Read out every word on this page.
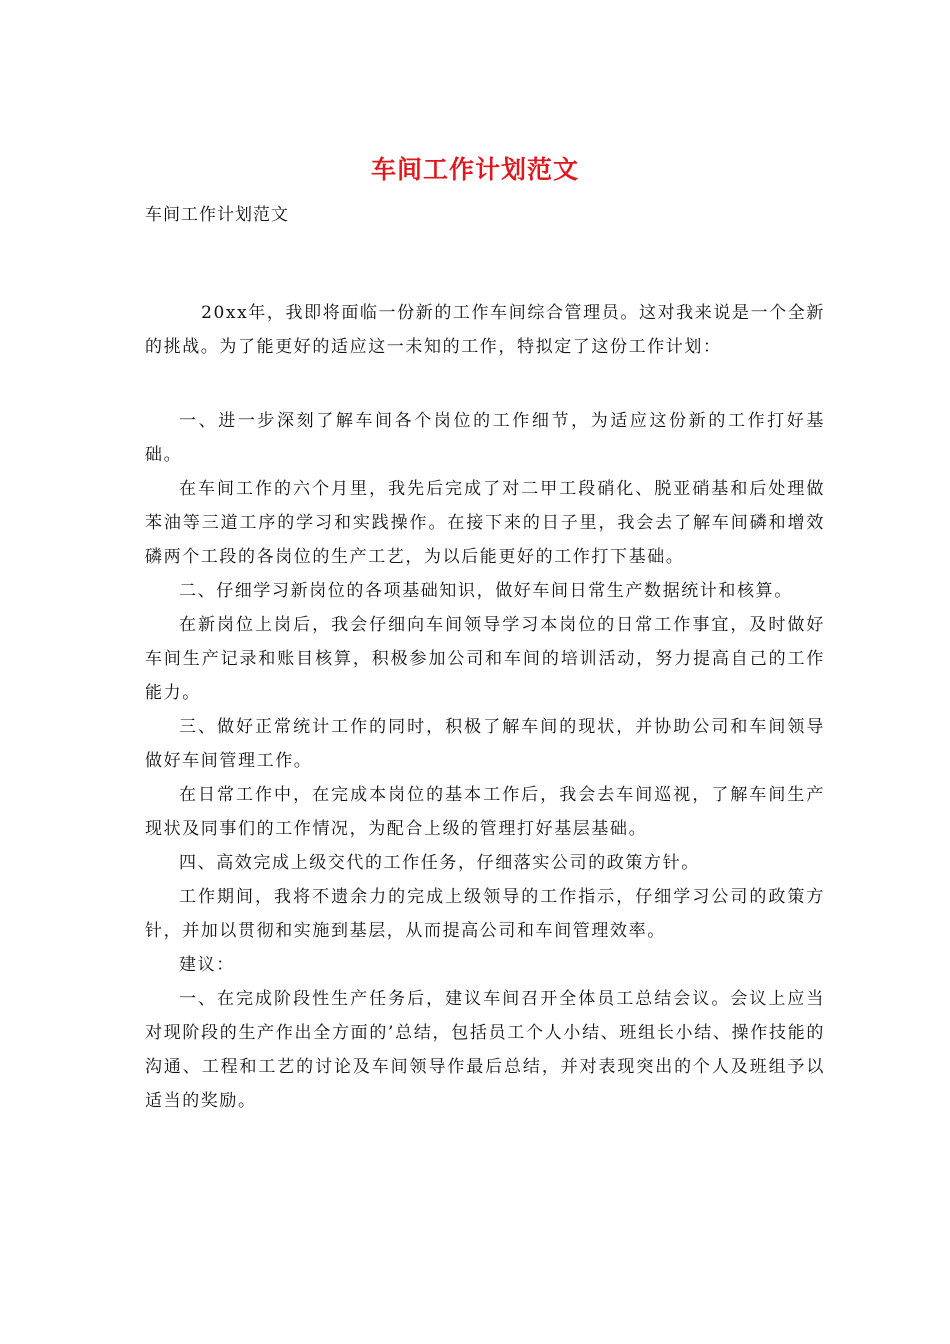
车间工作计划范文
车间工作计划范文

20xx年，我即将面临一份新的工作车间综合管理员。这对我来说是一个全新的挑战。为了能更好的适应这一未知的工作，特拟定了这份工作计划：

一、进一步深刻了解车间各个岗位的工作细节，为适应这份新的工作打好基础。

在车间工作的六个月里，我先后完成了对二甲工段硝化、脱亚硝基和后处理做苯油等三道工序的学习和实践操作。在接下来的日子里，我会去了解车间磷和增效磷两个工段的各岗位的生产工艺，为以后能更好的工作打下基础。

二、仔细学习新岗位的各项基础知识，做好车间日常生产数据统计和核算。

在新岗位上岗后，我会仔细向车间领导学习本岗位的日常工作事宜，及时做好车间生产记录和账目核算，积极参加公司和车间的培训活动，努力提高自己的工作能力。

三、做好正常统计工作的同时，积极了解车间的现状，并协助公司和车间领导做好车间管理工作。

在日常工作中，在完成本岗位的基本工作后，我会去车间巡视，了解车间生产现状及同事们的工作情况，为配合上级的管理打好基层基础。

四、高效完成上级交代的工作任务，仔细落实公司的政策方针。

工作期间，我将不遗余力的完成上级领导的工作指示，仔细学习公司的政策方针，并加以贯彻和实施到基层，从而提高公司和车间管理效率。

建议：

一、在完成阶段性生产任务后，建议车间召开全体员工总结会议。会议上应当对现阶段的生产作出全方面的’总结，包括员工个人小结、班组长小结、操作技能的沟通、工程和工艺的讨论及车间领导作最后总结，并对表现突出的个人及班组予以适当的奖励。
